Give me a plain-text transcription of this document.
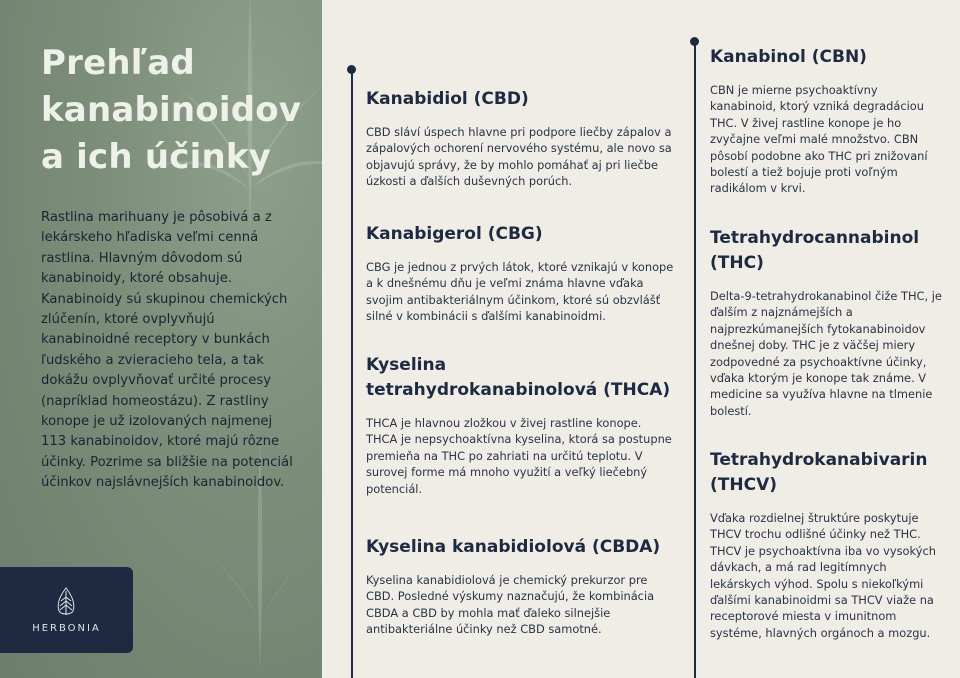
Prehľad kanabinoidov a ich účinky

Rastlina marihuany je pôsobivá a z lekárskeho hľadiska veľmi cenná rastlina. Hlavným dôvodom sú kanabinoidy, ktoré obsahuje. Kanabinoidy sú skupinou chemických zlúčenín, ktoré ovplyvňujú kanabinoidné receptory v bunkách ľudského a zvieracieho tela, a tak dokážu ovplyvňovať určité procesy (napríklad homeostázu). Z rastliny konope je už izolovaných najmenej 113 kanabinoidov, ktoré majú rôzne účinky. Pozrime sa bližšie na potenciál účinkov najslávnejších kanabinoidov.

HERBONIA
Kanabidiol (CBD)

CBD sláví úspech hlavne pri podpore liečby zápalov a zápalových ochorení nervového systému, ale novo sa objavujú správy, že by mohlo pomáhať aj pri liečbe úzkosti a ďalších duševných porúch.

Kanabigerol (CBG)

CBG je jednou z prvých látok, ktoré vznikajú v konope a k dnešnému dňu je veľmi známa hlavne vďaka svojim antibakteriálnym účinkom, ktoré sú obzvlášť silné v kombinácii s ďalšími kanabinoidmi.

Kyselina tetrahydrokanabinolová (THCA)

THCA je hlavnou zložkou v živej rastline konope. THCA je nepsychoaktívna kyselina, ktorá sa postupne premieňa na THC po zahriati na určitú teplotu. V surovej forme má mnoho využití a veľký liečebný potenciál.

Kyselina kanabidiolová (CBDA)

Kyselina kanabidiolová je chemický prekurzor pre CBD. Posledné výskumy naznačujú, že kombinácia CBDA a CBD by mohla mať ďaleko silnejšie antibakteriálne účinky než CBD samotné.

Kanabinol (CBN)

CBN je mierne psychoaktívny kanabinoid, ktorý vzniká degradáciou THC. V živej rastline konope je ho zvyčajne veľmi malé množstvo. CBN pôsobí podobne ako THC pri znižovaní bolestí a tiež bojuje proti voľným radikálom v krvi.

Tetrahydrocannabinol (THC)

Delta-9-tetrahydrokanabinol čiže THC, je ďalším z najznámejších a najprezkúmanejších fytokanabinoidov dnešnej doby. THC je z väčšej miery zodpovedné za psychoaktívne účinky, vďaka ktorým je konope tak známe. V medicine sa využíva hlavne na tlmenie bolestí.

Tetrahydrokanabivarin (THCV)

Vďaka rozdielnej štruktúre poskytuje THCV trochu odlišné účinky než THC. THCV je psychoaktívna iba vo vysokých dávkach, a má rad legitímnych lekárskych výhod. Spolu s niekoľkými ďalšími kanabinoidmi sa THCV viaže na receptorové miesta v imunitnom systéme, hlavných orgánoch a mozgu.
